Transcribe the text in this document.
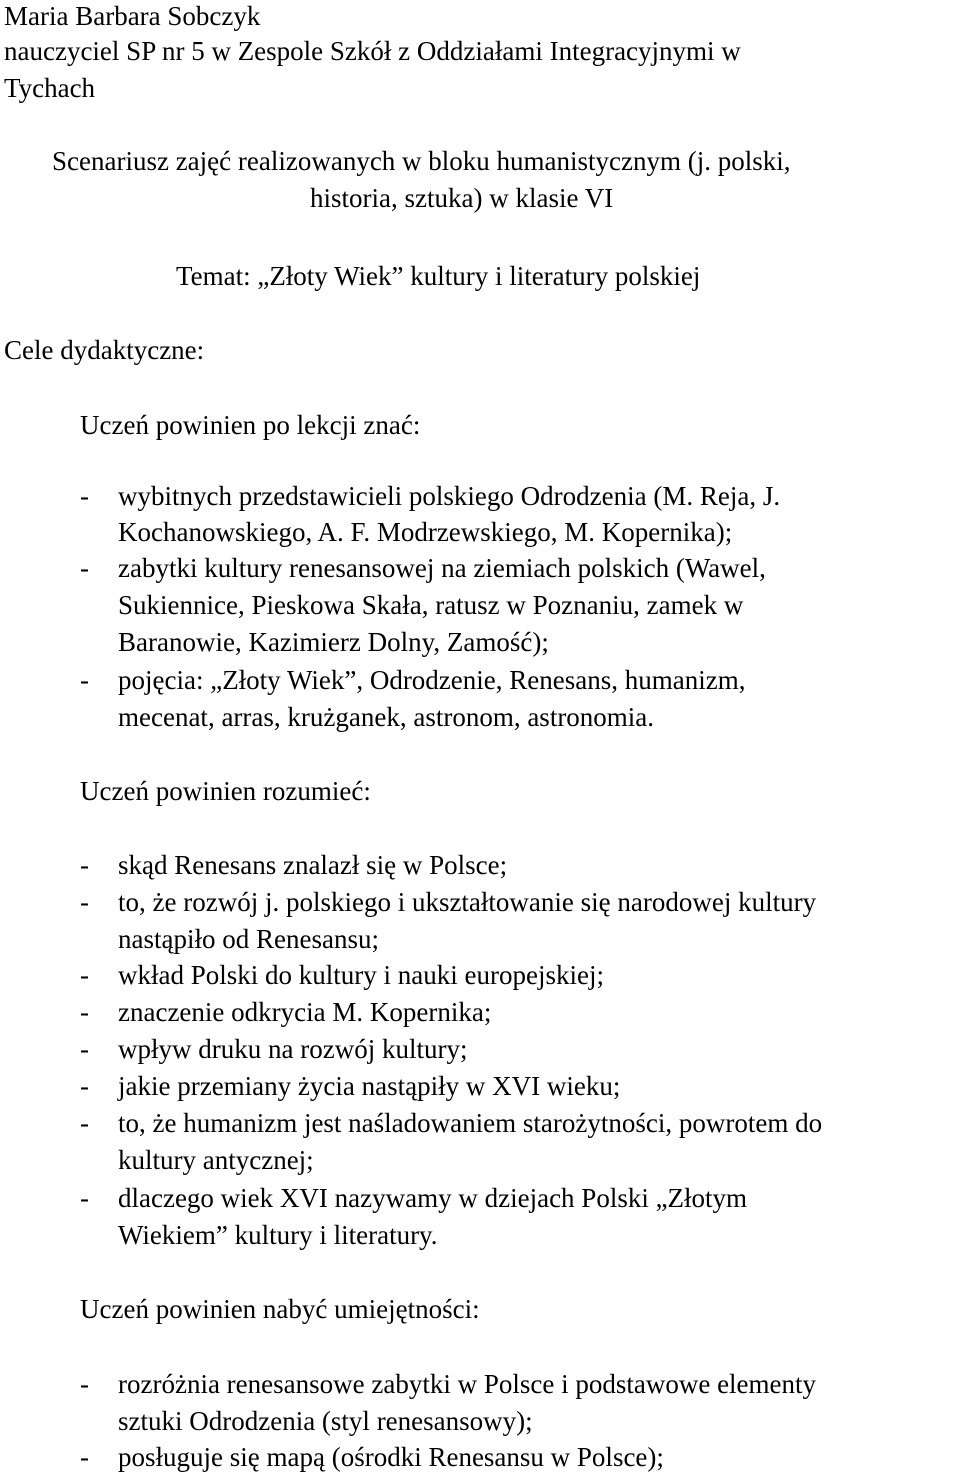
Maria Barbara Sobczyk
nauczyciel SP nr 5 w Zespole Szkół z Oddziałami Integracyjnymi w
Tychach
Scenariusz zajęć realizowanych w bloku humanistycznym (j. polski,
historia, sztuka) w klasie VI
Temat: „Złoty Wiek” kultury i literatury polskiej
Cele dydaktyczne:
Uczeń powinien po lekcji znać:
- wybitnych przedstawicieli polskiego Odrodzenia (M. Reja, J.
Kochanowskiego, A. F. Modrzewskiego, M. Kopernika);
- zabytki kultury renesansowej na ziemiach polskich (Wawel,
Sukiennice, Pieskowa Skała, ratusz w Poznaniu, zamek w
Baranowie, Kazimierz Dolny, Zamość);
- pojęcia: „Złoty Wiek”, Odrodzenie, Renesans, humanizm,
mecenat, arras, krużganek, astronom, astronomia.
Uczeń powinien rozumieć:
- skąd Renesans znalazł się w Polsce;
- to, że rozwój j. polskiego i ukształtowanie się narodowej kultury
nastąpiło od Renesansu;
- wkład Polski do kultury i nauki europejskiej;
- znaczenie odkrycia M. Kopernika;
- wpływ druku na rozwój kultury;
- jakie przemiany życia nastąpiły w XVI wieku;
- to, że humanizm jest naśladowaniem starożytności, powrotem do
kultury antycznej;
- dlaczego wiek XVI nazywamy w dziejach Polski „Złotym
Wiekiem” kultury i literatury.
Uczeń powinien nabyć umiejętności:
- rozróżnia renesansowe zabytki w Polsce i podstawowe elementy
sztuki Odrodzenia (styl renesansowy);
- posługuje się mapą (ośrodki Renesansu w Polsce);
